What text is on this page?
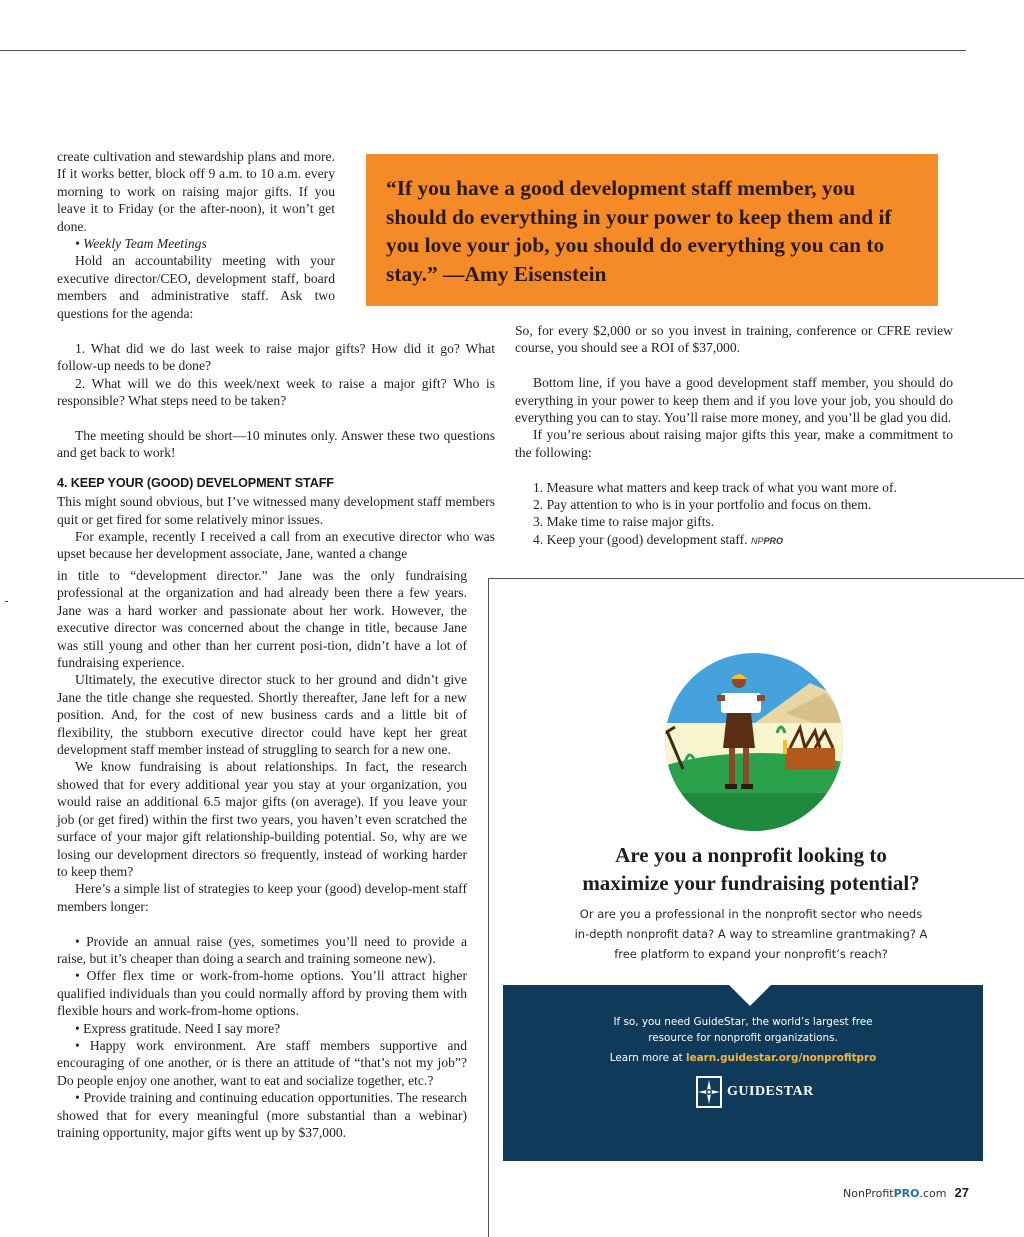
create cultivation and stewardship plans and more. If it works better, block off 9 a.m. to 10 a.m. every morning to work on raising major gifts. If you leave it to Friday (or the after-noon), it won’t get done.

• Weekly Team Meetings

Hold an accountability meeting with your executive director/CEO, development staff, board members and administrative staff. Ask two questions for the agenda:

“If you have a good development staff member, you should do everything in your power to keep them and if you love your job, you should do everything you can to stay.” —Amy Eisenstein

1. What did we do last week to raise major gifts? How did it go? What follow-up needs to be done?

2. What will we do this week/next week to raise a major gift? Who is responsible? What steps need to be taken?

The meeting should be short—10 minutes only. Answer these two questions and get back to work!

4. KEEP YOUR (GOOD) DEVELOPMENT STAFF

This might sound obvious, but I’ve witnessed many development staff members quit or get fired for some relatively minor issues.

For example, recently I received a call from an executive director who was upset because her development associate, Jane, wanted a change

in title to “development director.” Jane was the only fundraising professional at the organization and had already been there a few years. Jane was a hard worker and passionate about her work. However, the executive director was concerned about the change in title, because Jane was still young and other than her current posi-tion, didn’t have a lot of fundraising experience.

Ultimately, the executive director stuck to her ground and didn’t give Jane the title change she requested. Shortly thereafter, Jane left for a new position. And, for the cost of new business cards and a little bit of flexibility, the stubborn executive director could have kept her great development staff member instead of struggling to search for a new one.

We know fundraising is about relationships. In fact, the research showed that for every additional year you stay at your organization, you would raise an additional 6.5 major gifts (on average). If you leave your job (or get fired) within the first two years, you haven’t even scratched the surface of your major gift relationship-building potential. So, why are we losing our development directors so frequently, instead of working harder to keep them?

Here’s a simple list of strategies to keep your (good) develop-ment staff members longer:

• Provide an annual raise (yes, sometimes you’ll need to provide a raise, but it’s cheaper than doing a search and training someone new).

• Offer flex time or work-from-home options. You’ll attract higher qualified individuals than you could normally afford by proving them with flexible hours and work-from-home options.

• Express gratitude. Need I say more?

• Happy work environment. Are staff members supportive and encouraging of one another, or is there an attitude of “that’s not my job”? Do people enjoy one another, want to eat and socialize together, etc.?

• Provide training and continuing education opportunities. The research showed that for every meaningful (more substantial than a webinar) training opportunity, major gifts went up by $37,000.

So, for every $2,000 or so you invest in training, conference or CFRE review course, you should see a ROI of $37,000.

Bottom line, if you have a good development staff member, you should do everything in your power to keep them and if you love your job, you should do everything you can to stay. You’ll raise more money, and you’ll be glad you did.

If you’re serious about raising major gifts this year, make a commitment to the following:

1. Measure what matters and keep track of what you want more of.

2. Pay attention to who is in your portfolio and focus on them.

3. Make time to raise major gifts.

4. Keep your (good) development staff. NPPRO

Are you a nonprofit looking to
maximize your fundraising potential?
Or are you a professional in the nonprofit sector who needs
in-depth nonprofit data? A way to streamline grantmaking? A
free platform to expand your nonprofit’s reach?
If so, you need GuideStar, the world’s largest free
resource for nonprofit organizations.
Learn more at learn.guidestar.org/nonprofitpro
GUIDESTAR
NonProfitPRO.com 27
